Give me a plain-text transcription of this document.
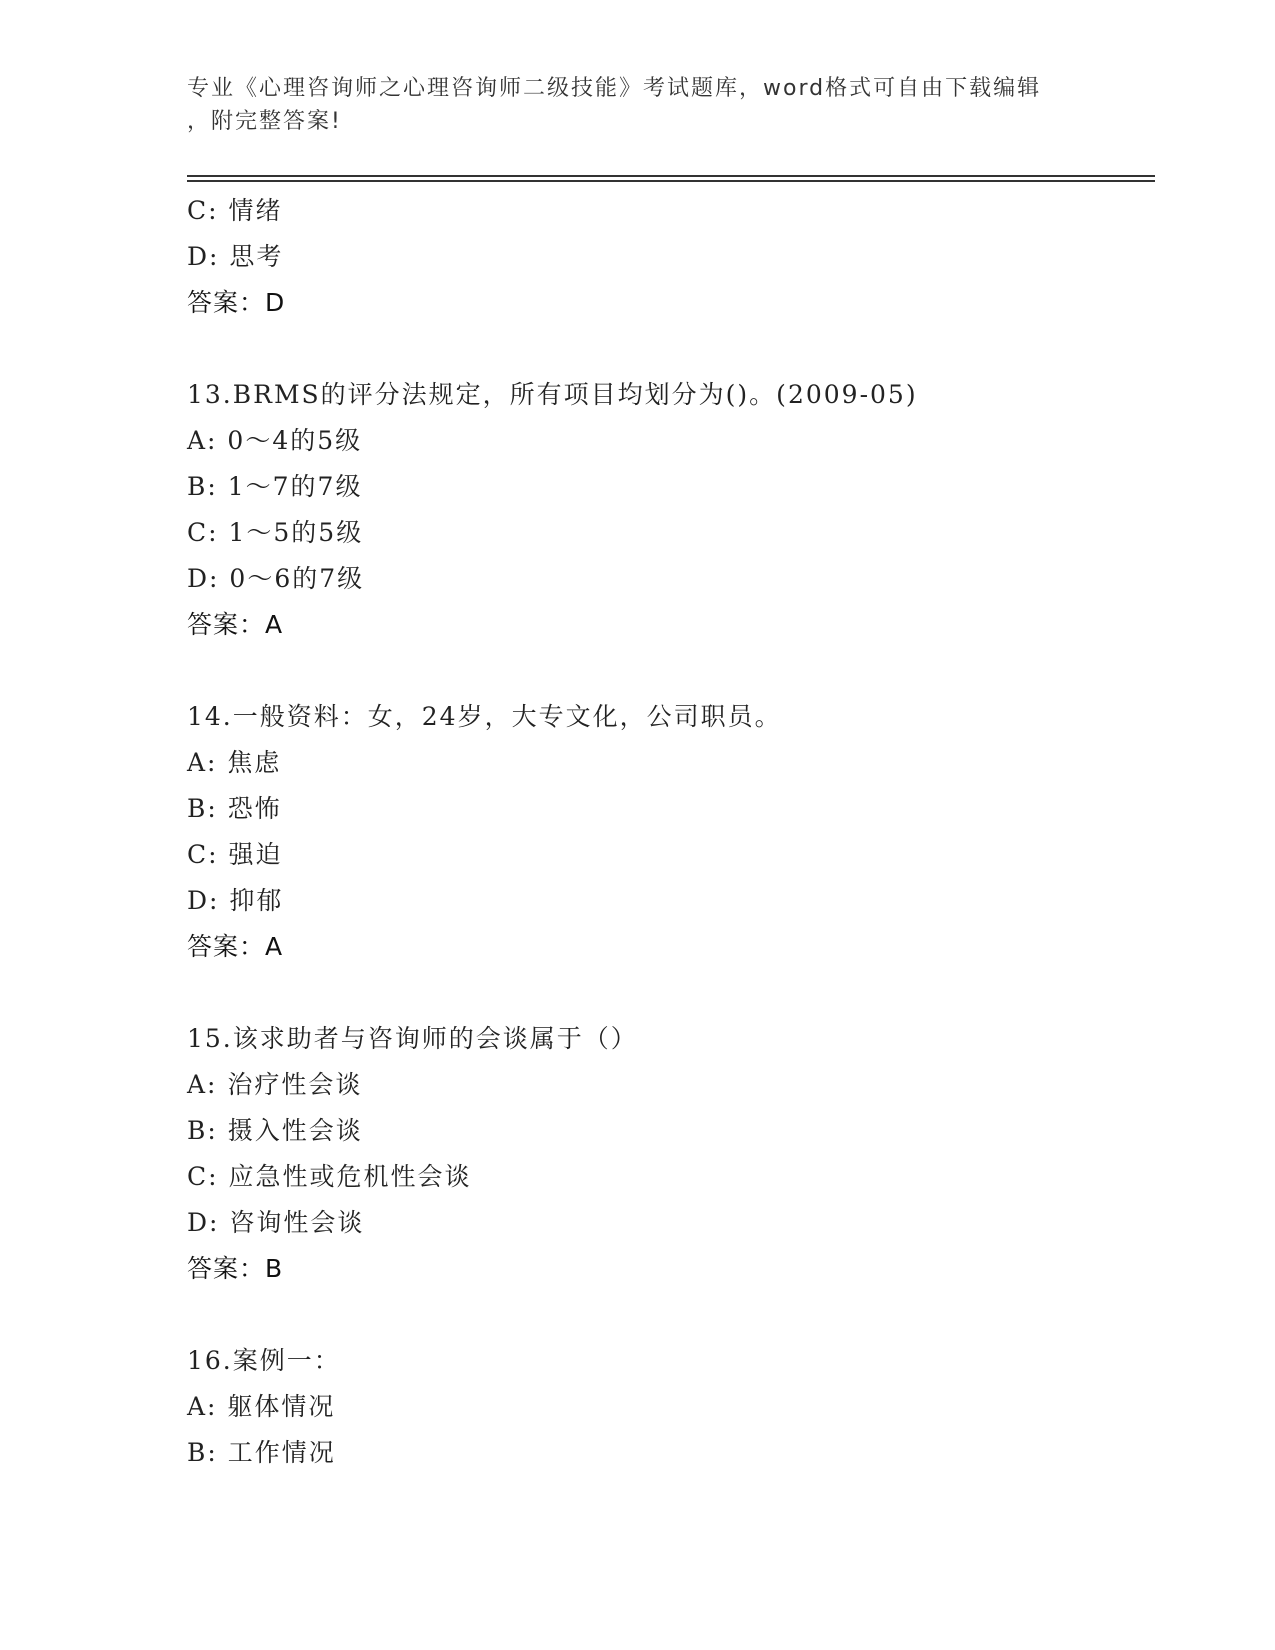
专业《心理咨询师之心理咨询师二级技能》考试题库，word格式可自由下载编辑
，附完整答案!
C: 情绪
D: 思考
答案：D
13.BRMS的评分法规定，所有项目均划分为()。(2009-05)
A: 0～4的5级
B: 1～7的7级
C: 1～5的5级
D: 0～6的7级
答案：A
14.一般资料：女，24岁，大专文化，公司职员。
A: 焦虑
B: 恐怖
C: 强迫
D: 抑郁
答案：A
15.该求助者与咨询师的会谈属于（）
A: 治疗性会谈
B: 摄入性会谈
C: 应急性或危机性会谈
D: 咨询性会谈
答案：B
16.案例一：
A: 躯体情况
B: 工作情况
